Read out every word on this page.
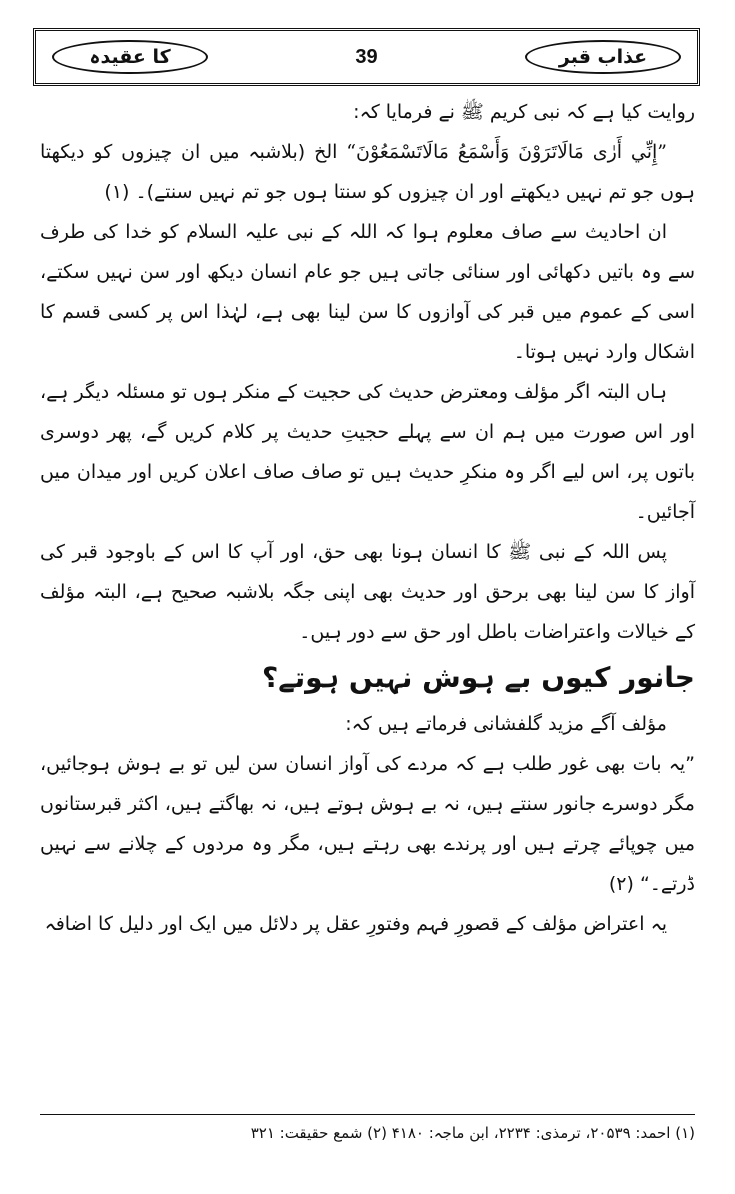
کا عقیدہ	39	عذاب قبر

روایت کیا ہے کہ نبی کریم ﷺ نے فرمایا کہ:

”إِنِّي أَرٰى مَالَاتَرَوْنَ وَأَسْمَعُ مَالَاتَسْمَعُوْنَ“ الخ (بلاشبہ میں ان چیزوں کو دیکھتا ہوں جو تم نہیں دیکھتے اور ان چیزوں کو سنتا ہوں جو تم نہیں سنتے)۔ (۱)

ان احادیث سے صاف معلوم ہوا کہ اللہ کے نبی علیہ السلام کو خدا کی طرف سے وہ باتیں دکھائی اور سنائی جاتی ہیں جو عام انسان دیکھ اور سن نہیں سکتے، اسی کے عموم میں قبر کی آوازوں کا سن لینا بھی ہے، لہٰذا اس پر کسی قسم کا اشکال وارد نہیں ہوتا۔

ہاں البتہ اگر مؤلف ومعترض حدیث کی حجیت کے منکر ہوں تو مسئلہ دیگر ہے، اور اس صورت میں ہم ان سے پہلے حجیتِ حدیث پر کلام کریں گے، پھر دوسری باتوں پر، اس لیے اگر وہ منکرِ حدیث ہیں تو صاف صاف اعلان کریں اور میدان میں آجائیں۔

پس اللہ کے نبی ﷺ کا انسان ہونا بھی حق، اور آپ کا اس کے باوجود قبر کی آواز کا سن لینا بھی برحق اور حدیث بھی اپنی جگہ بلاشبہ صحیح ہے، البتہ مؤلف کے خیالات واعتراضات باطل اور حق سے دور ہیں۔

جانور کیوں بے ہوش نہیں ہوتے؟

مؤلف آگے مزید گلفشانی فرماتے ہیں کہ:

”یہ بات بھی غور طلب ہے کہ مردے کی آواز انسان سن لیں تو بے ہوش ہوجائیں، مگر دوسرے جانور سنتے ہیں، نہ بے ہوش ہوتے ہیں، نہ بھاگتے ہیں، اکثر قبرستانوں میں چوپائے چرتے ہیں اور پرندے بھی رہتے ہیں، مگر وہ مردوں کے چلانے سے نہیں ڈرتے۔“ (۲)

یہ اعتراض مؤلف کے قصورِ فہم وفتورِ عقل پر دلائل میں ایک اور دلیل کا اضافہ

(۱) احمد: ۲۰۵۳۹، ترمذی: ۲۲۳۴، ابن ماجہ: ۴۱۸۰ (۲) شمع حقیقت: ۳۲۱
